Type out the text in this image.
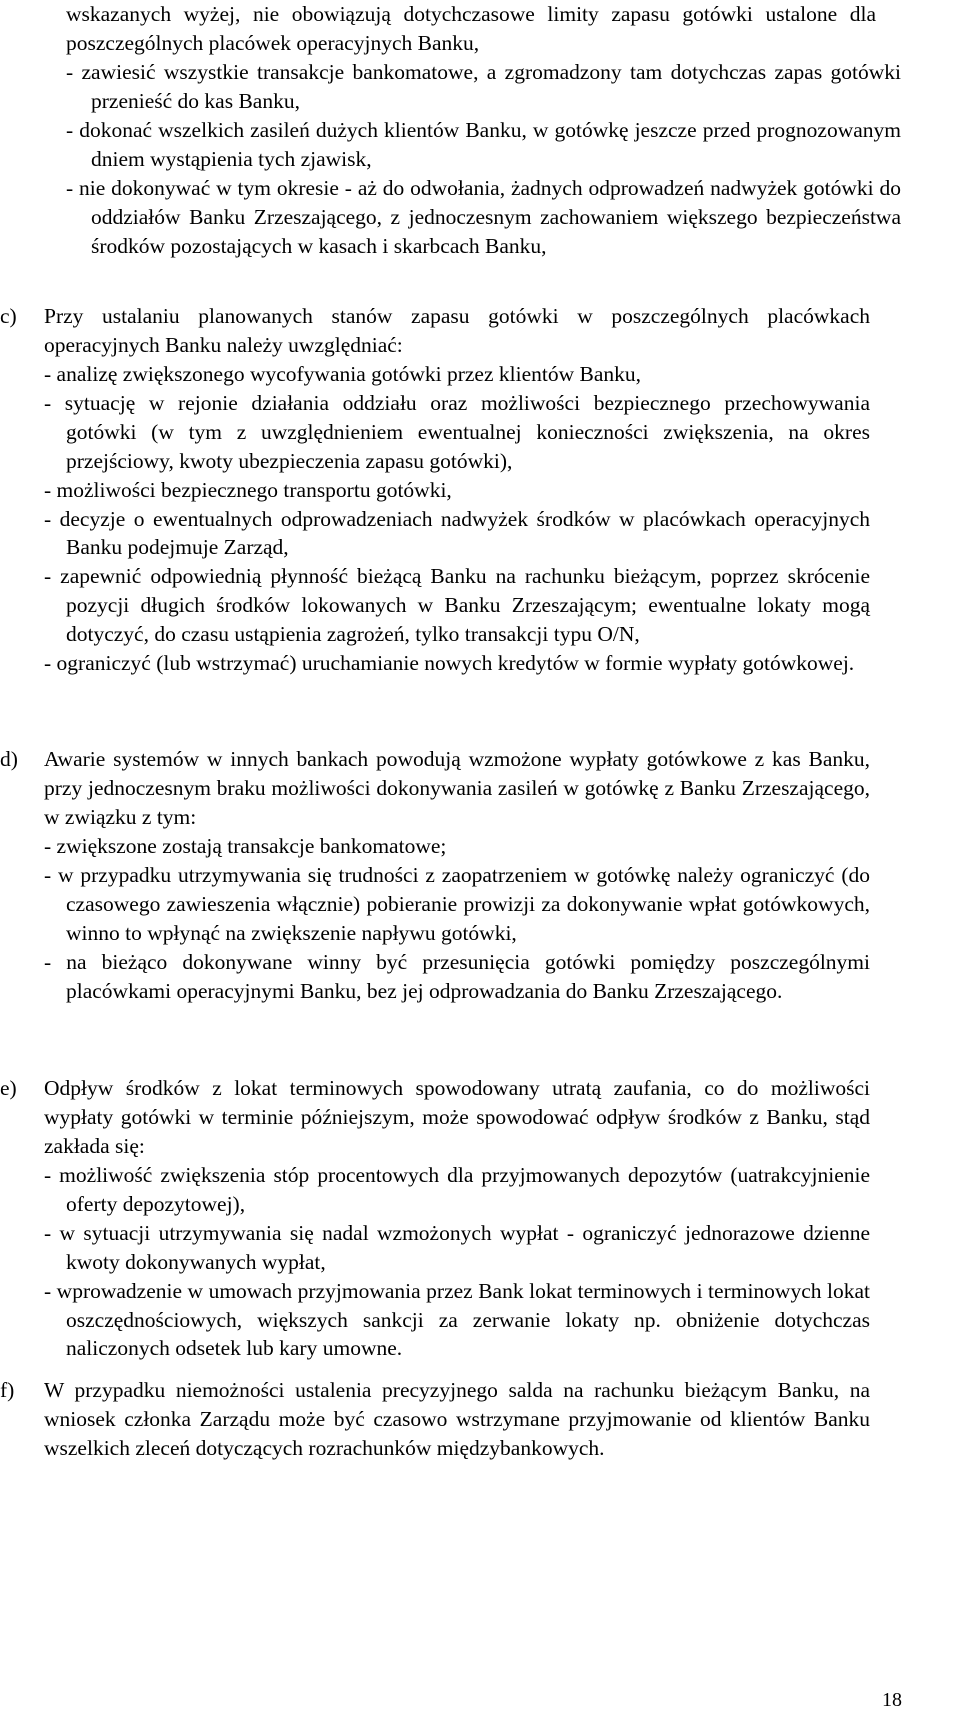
wskazanych wyżej, nie obowiązują dotychczasowe limity zapasu gotówki ustalone dla poszczególnych placówek operacyjnych Banku,

- zawiesić wszystkie transakcje bankomatowe, a zgromadzony tam dotychczas zapas gotówki przenieść do kas Banku,

- dokonać wszelkich zasileń dużych klientów Banku, w gotówkę jeszcze przed prognozowanym dniem wystąpienia tych zjawisk,

- nie dokonywać w tym okresie - aż do odwołania, żadnych odprowadzeń nadwyżek gotówki do oddziałów Banku Zrzeszającego, z jednoczesnym zachowaniem większego bezpieczeństwa środków pozostających w kasach i skarbcach Banku,

c)	Przy ustalaniu planowanych stanów zapasu gotówki w poszczególnych placówkach operacyjnych Banku należy uwzględniać:

- analizę zwiększonego wycofywania gotówki przez klientów Banku,

- sytuację w rejonie działania oddziału oraz możliwości bezpiecznego przechowywania gotówki (w tym z uwzględnieniem ewentualnej konieczności zwiększenia, na okres przejściowy, kwoty ubezpieczenia zapasu gotówki),

- możliwości bezpiecznego transportu gotówki,

- decyzje o ewentualnych odprowadzeniach nadwyżek środków w placówkach operacyjnych Banku podejmuje Zarząd,

- zapewnić odpowiednią płynność bieżącą Banku na rachunku bieżącym, poprzez skrócenie pozycji długich środków lokowanych w Banku Zrzeszającym; ewentualne lokaty mogą dotyczyć, do czasu ustąpienia zagrożeń, tylko transakcji typu O/N,

- ograniczyć (lub wstrzymać) uruchamianie nowych kredytów w formie wypłaty gotówkowej.

d)	Awarie systemów w innych bankach powodują wzmożone wypłaty gotówkowe z kas Banku, przy jednoczesnym braku możliwości dokonywania zasileń w gotówkę z Banku Zrzeszającego, w związku z tym:

- zwiększone zostają transakcje bankomatowe;

- w przypadku utrzymywania się trudności z zaopatrzeniem w gotówkę należy ograniczyć (do czasowego zawieszenia włącznie) pobieranie prowizji za dokonywanie wpłat gotówkowych, winno to wpłynąć na zwiększenie napływu gotówki,

- na bieżąco dokonywane winny być przesunięcia gotówki pomiędzy poszczególnymi placówkami operacyjnymi Banku, bez jej odprowadzania do Banku Zrzeszającego.

e)	Odpływ środków z lokat terminowych spowodowany utratą zaufania, co do możliwości wypłaty gotówki w terminie późniejszym, może spowodować odpływ środków z Banku, stąd zakłada się:

- możliwość zwiększenia stóp procentowych dla przyjmowanych depozytów (uatrakcyjnienie oferty depozytowej),

- w sytuacji utrzymywania się nadal wzmożonych wypłat - ograniczyć jednorazowe dzienne kwoty dokonywanych wypłat,

- wprowadzenie w umowach przyjmowania przez Bank lokat terminowych i terminowych lokat oszczędnościowych, większych sankcji za zerwanie lokaty np. obniżenie dotychczas naliczonych odsetek lub kary umowne.

f)	W przypadku niemożności ustalenia precyzyjnego salda na rachunku bieżącym Banku, na wniosek członka Zarządu może być czasowo wstrzymane przyjmowanie od klientów Banku wszelkich zleceń dotyczących rozrachunków międzybankowych.

18
